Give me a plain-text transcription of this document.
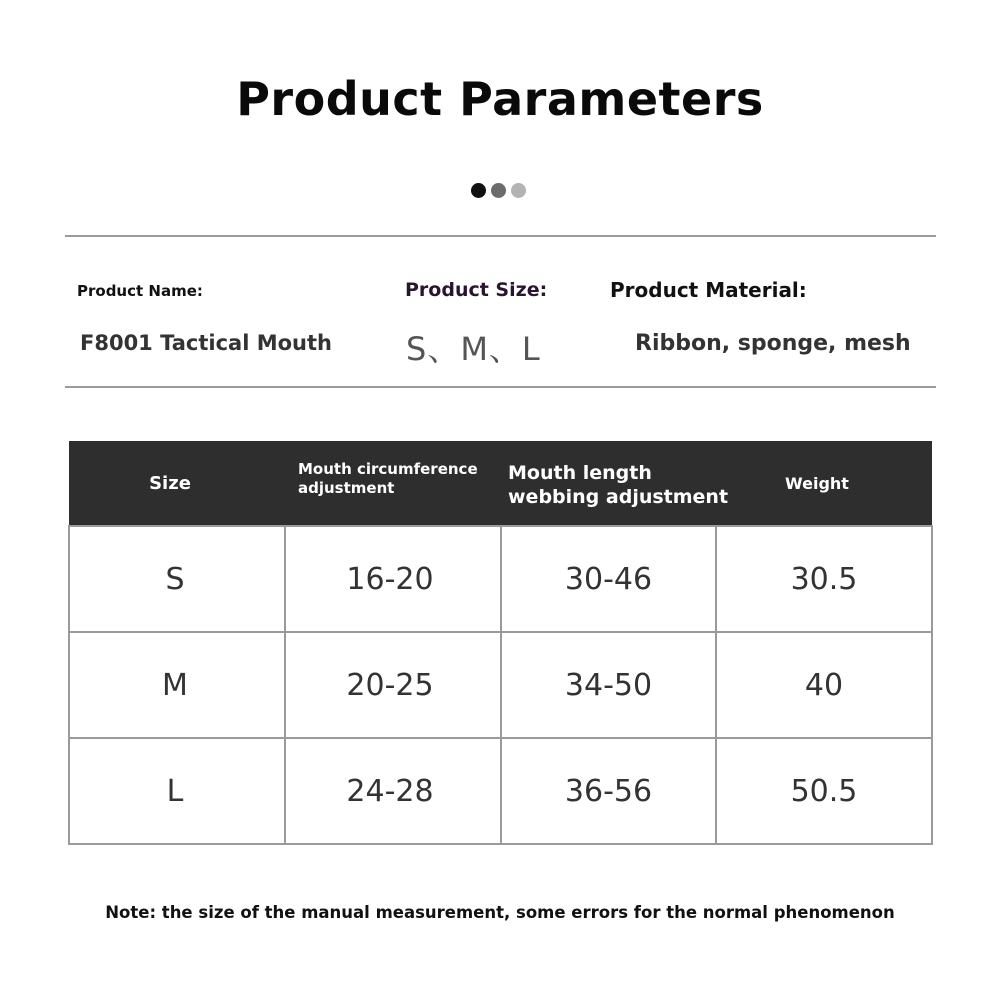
Product Parameters
Product Name:
F8001 Tactical Mouth
Product Size:
S、M、L
Product Material:
Ribbon, sponge, mesh
Size	Mouth circumference adjustment	Mouth length webbing adjustment	Weight

S	16-20	30-46	30.5
M	20-25	34-50	40
L	24-28	36-56	50.5
Note: the size of the manual measurement, some errors for the normal phenomenon
